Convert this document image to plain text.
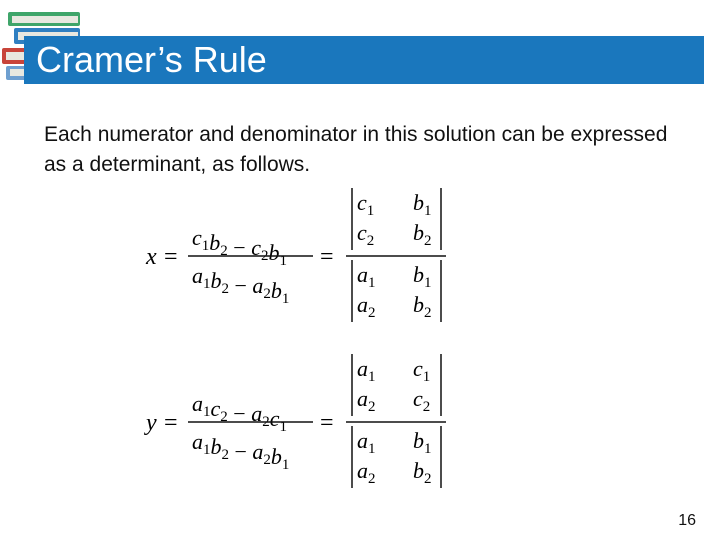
Cramer’s Rule
Each numerator and denominator in this solution can be expressed as a determinant, as follows.
x =
$c_1b_2 - c_2b_1$
$a_1b_2 - a_2b_1$
=
$c_1$ $b_1$
$c_2$ $b_2$
$a_1$ $b_1$
$a_2$ $b_2$
y =
$a_1c_2 - a_2c_1$
$a_1b_2 - a_2b_1$
=
$a_1$ $c_1$
$a_2$ $c_2$
$a_1$ $b_1$
$a_2$ $b_2$
16
